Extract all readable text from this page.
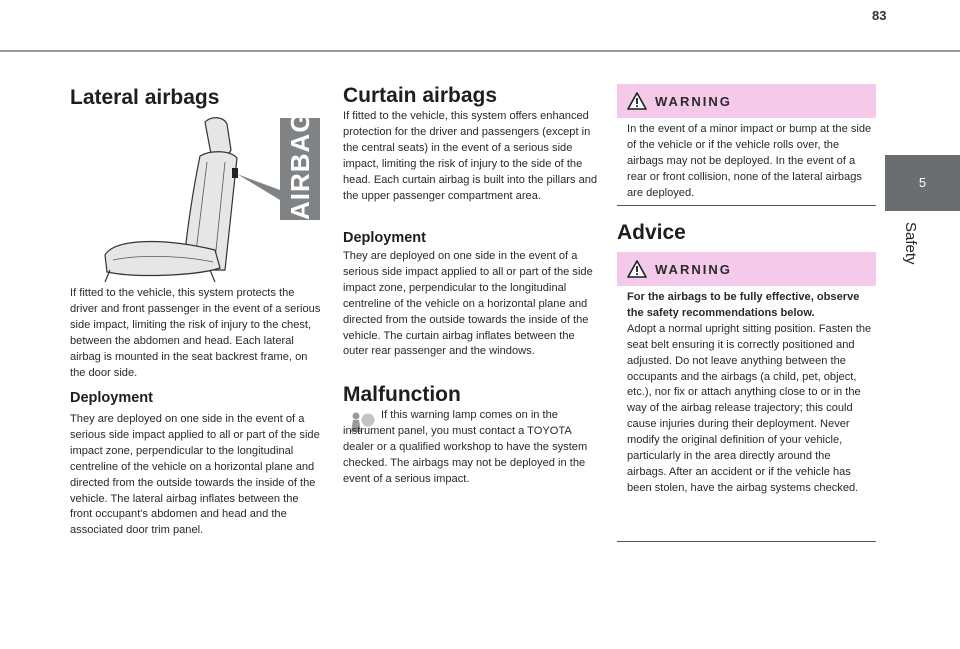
83
5
Safety
Lateral airbags
AIRBAG

If fitted to the vehicle, this system protects the driver and front passenger in the event of a serious side impact, limiting the risk of injury to the chest, between the abdomen and head. Each lateral airbag is mounted in the seat backrest frame, on the door side.

Deployment

They are deployed on one side in the event of a serious side impact applied to all or part of the side impact zone, perpendicular to the longitudinal centreline of the vehicle on a horizontal plane and directed from the outside towards the inside of the vehicle. The lateral airbag inflates between the front occupant's abdomen and head and the associated door trim panel.

Curtain airbags

If fitted to the vehicle, this system offers enhanced protection for the driver and passengers (except in the central seats) in the event of a serious side impact, limiting the risk of injury to the side of the head. Each curtain airbag is built into the pillars and the upper passenger compartment area.

Deployment

They are deployed on one side in the event of a serious side impact applied to all or part of the side impact zone, perpendicular to the longitudinal centreline of the vehicle on a horizontal plane and directed from the outside towards the inside of the vehicle. The curtain airbag inflates between the outer rear passenger and the windows.

Malfunction

If this warning lamp comes on in the instrument panel, you must contact a TOYOTA dealer or a qualified workshop to have the system checked. The airbags may not be deployed in the event of a serious impact.

WARNING

In the event of a minor impact or bump at the side of the vehicle or if the vehicle rolls over, the airbags may not be deployed. In the event of a rear or front collision, none of the lateral airbags are deployed.

Advice
WARNING
For the airbags to be fully effective, observe the safety recommendations below.
Adopt a normal upright sitting position. Fasten the seat belt ensuring it is correctly positioned and adjusted. Do not leave anything between the occupants and the airbags (a child, pet, object, etc.), nor fix or attach anything close to or in the way of the airbag release trajectory; this could cause injuries during their deployment. Never modify the original definition of your vehicle, particularly in the area directly around the airbags. After an accident or if the vehicle has been stolen, have the airbag systems checked.
